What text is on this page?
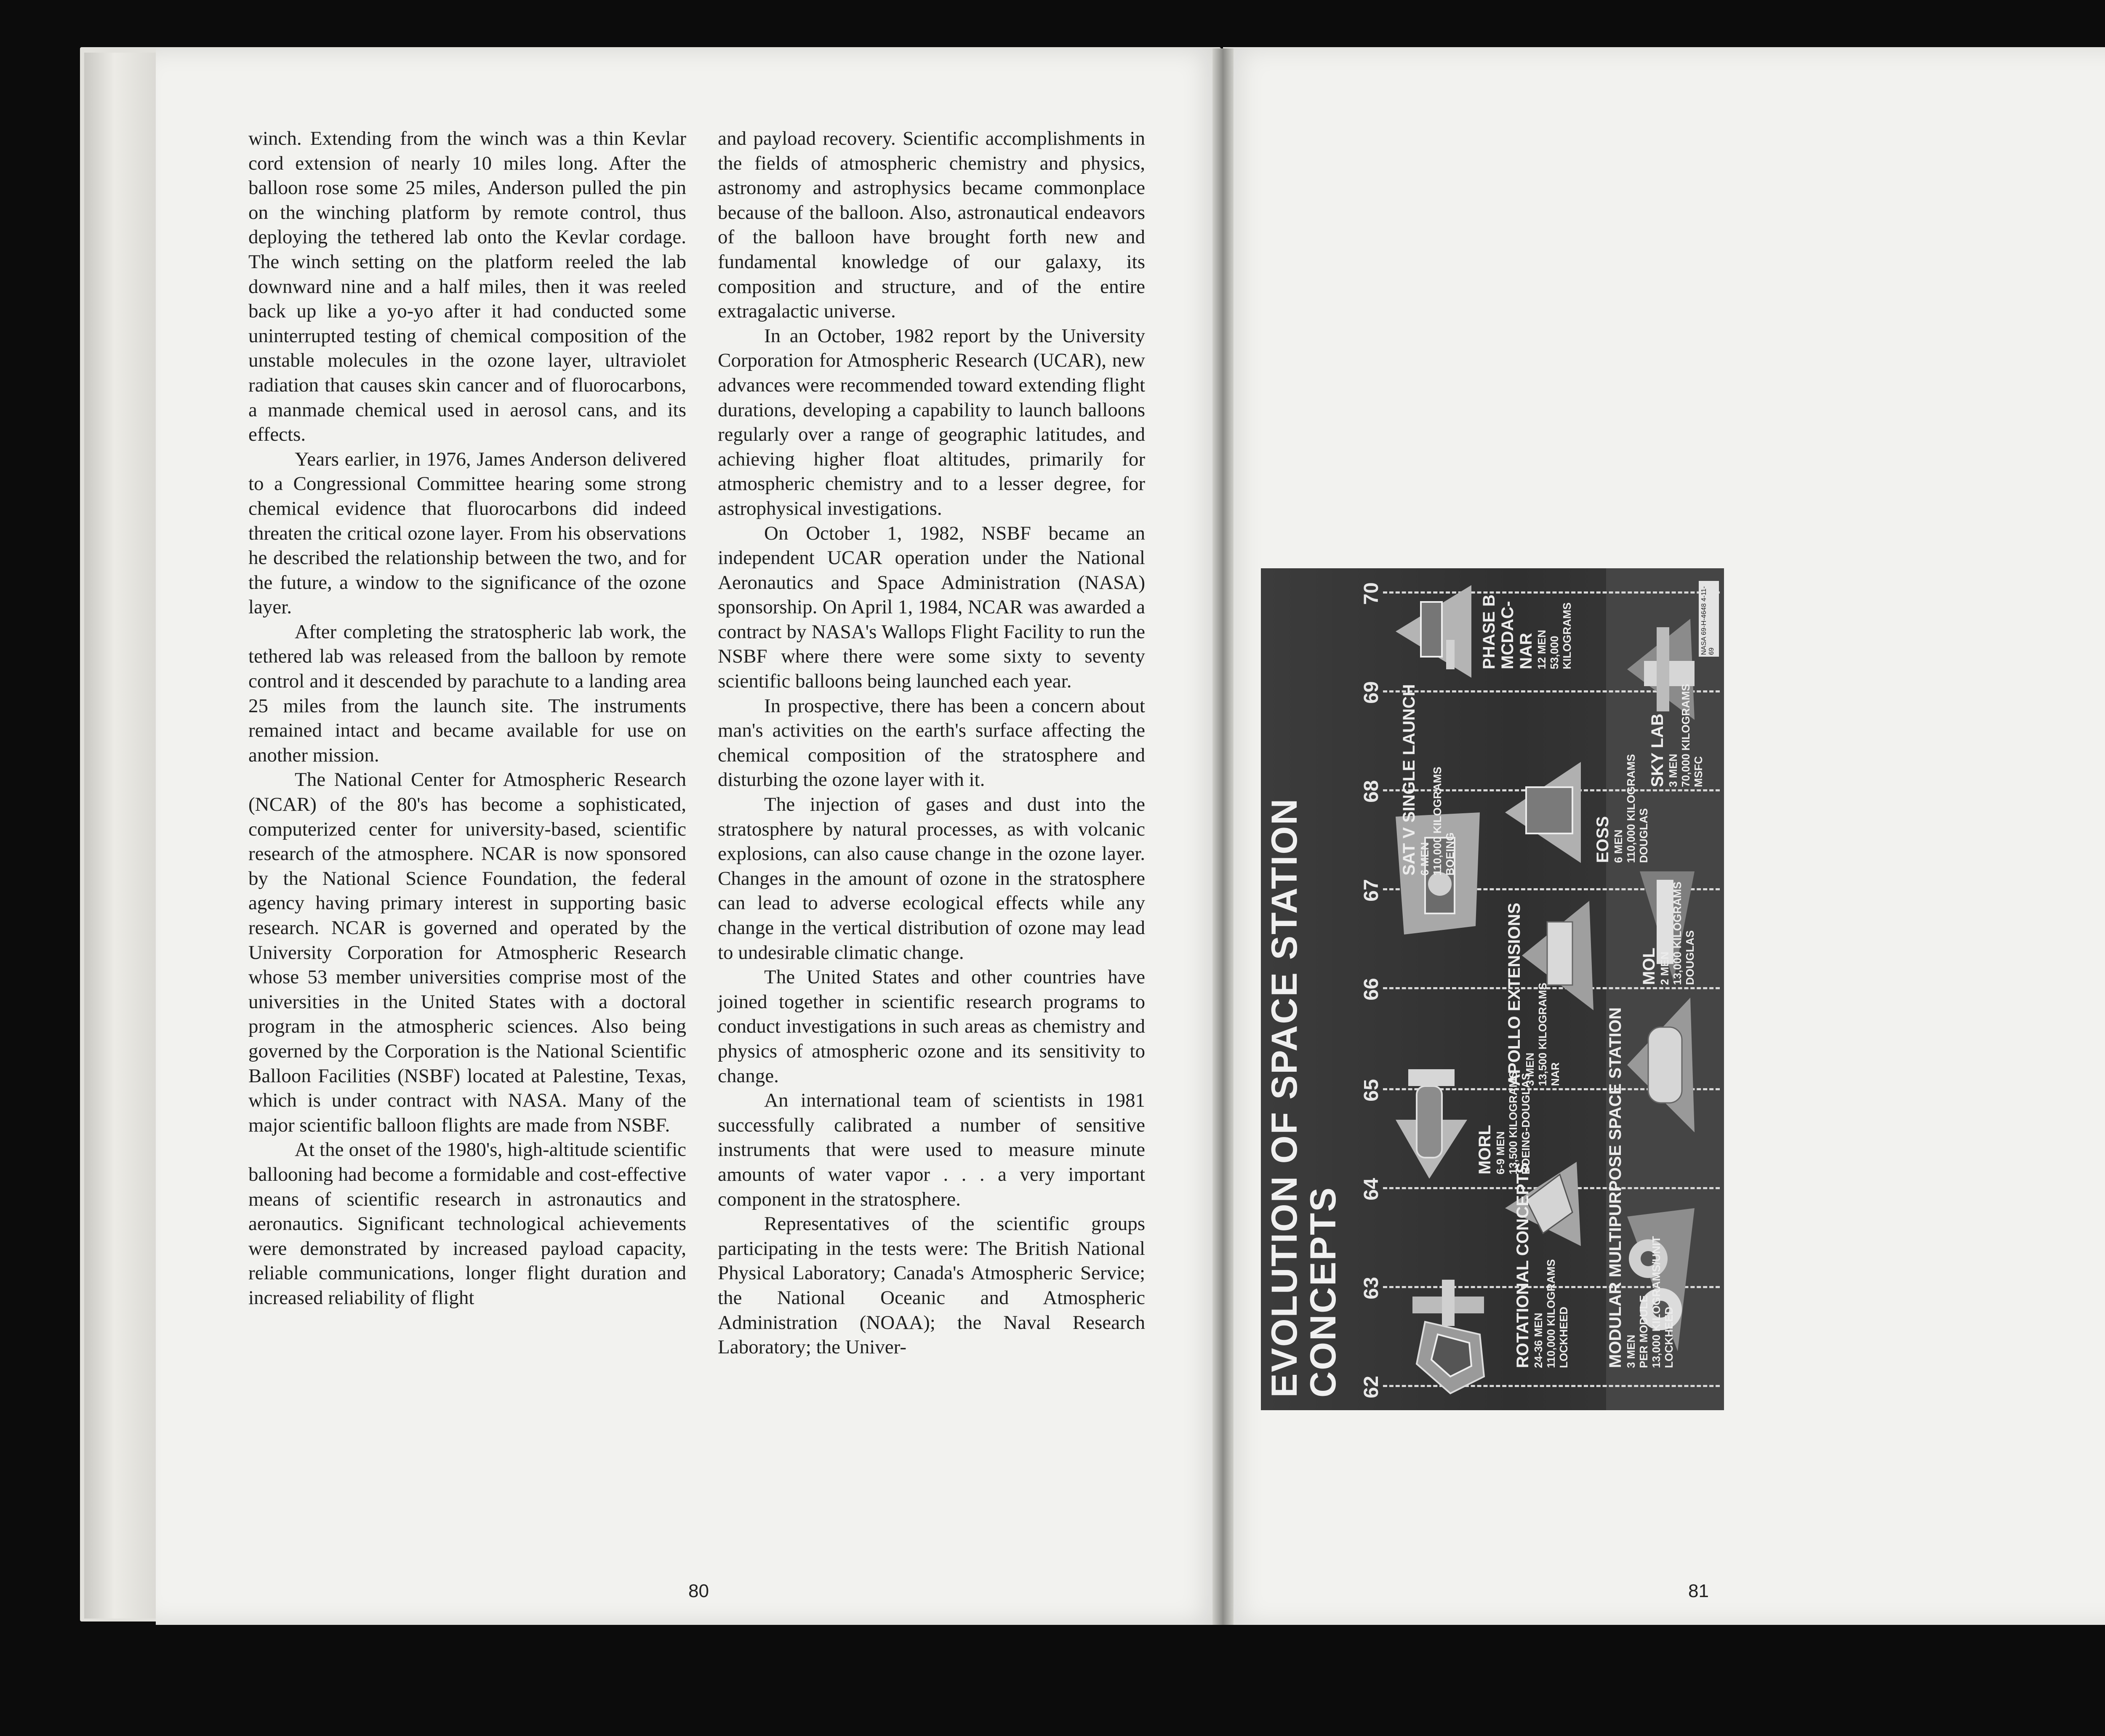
winch. Extending from the winch was a thin Kevlar cord extension of nearly 10 miles long. After the balloon rose some 25 miles, Anderson pulled the pin on the winching platform by remote control, thus deploying the tethered lab onto the Kevlar cordage. The winch setting on the platform reeled the lab downward nine and a half miles, then it was reeled back up like a yo-yo after it had conducted some uninterrupted testing of chemical composition of the unstable molecules in the ozone layer, ultraviolet radiation that causes skin cancer and of fluorocarbons, a manmade chemical used in aerosol cans, and its effects.

Years earlier, in 1976, James Anderson delivered to a Congressional Committee hearing some strong chemical evidence that fluorocarbons did indeed threaten the critical ozone layer. From his observations he described the relationship between the two, and for the future, a window to the significance of the ozone layer.

After completing the stratospheric lab work, the tethered lab was released from the balloon by remote control and it descended by parachute to a landing area 25 miles from the launch site. The instruments remained intact and became available for use on another mission.

The National Center for Atmospheric Research (NCAR) of the 80's has become a sophisticated, computerized center for university-based, scientific research of the atmosphere. NCAR is now sponsored by the National Science Foundation, the federal agency having primary interest in supporting basic research. NCAR is governed and operated by the University Corporation for Atmospheric Research whose 53 member universities comprise most of the universities in the United States with a doctoral program in the atmospheric sciences. Also being governed by the Corporation is the National Scientific Balloon Facilities (NSBF) located at Palestine, Texas, which is under contract with NASA. Many of the major scientific balloon flights are made from NSBF.

At the onset of the 1980's, high-altitude scientific ballooning had become a formidable and cost-effective means of scientific research in astronautics and aeronautics. Significant technological achievements were demonstrated by increased payload capacity, reliable communications, longer flight duration and increased reliability of flight

and payload recovery. Scientific accomplishments in the fields of atmospheric chemistry and physics, astronomy and astrophysics became commonplace because of the balloon. Also, astronautical endeavors of the balloon have brought forth new and fundamental knowledge of our galaxy, its composition and structure, and of the entire extragalactic universe.

In an October, 1982 report by the University Corporation for Atmospheric Research (UCAR), new advances were recommended toward extending flight durations, developing a capability to launch balloons regularly over a range of geographic latitudes, and achieving higher float altitudes, primarily for atmospheric chemistry and to a lesser degree, for astrophysical investigations.

On October 1, 1982, NSBF became an independent UCAR operation under the National Aeronautics and Space Administration (NASA) sponsorship. On April 1, 1984, NCAR was awarded a contract by NASA's Wallops Flight Facility to run the NSBF where there were some sixty to seventy scientific balloons being launched each year.

In prospective, there has been a concern about man's activities on the earth's surface affecting the chemical composition of the stratosphere and disturbing the ozone layer with it.

The injection of gases and dust into the stratosphere by natural processes, as with volcanic explosions, can also cause change in the ozone layer. Changes in the amount of ozone in the stratosphere can lead to adverse ecological effects while any change in the vertical distribution of ozone may lead to undesirable climatic change.

The United States and other countries have joined together in scientific research programs to conduct investigations in such areas as chemistry and physics of atmospheric ozone and its sensitivity to change.

An international team of scientists in 1981 successfully calibrated a number of sensitive instruments that were used to measure minute amounts of water vapor . . . a very important component in the stratosphere.

Representatives of the scientific groups participating in the tests were: The British National Physical Laboratory; Canada's Atmospheric Service; the National Oceanic and Atmospheric Administration (NOAA); the Naval Research Laboratory; the Univer-

80
EVOLUTION OF SPACE STATION
CONCEPTS 62
63
64
65
66
67
68
69
70
ROTATIONAL CONCEPTS 24-36 MEN 110,000 KILOGRAMS LOCKHEED
MORL 6-9 MEN 13,500 KILOGRAMS BOEING-DOUGLAS
SAT V SINGLE LAUNCH 6 MEN 110,000 KILOGRAMS BOEING
PHASE B MCDAC-NAR 12 MEN 53,000 KILOGRAMS
APOLLO EXTENSIONS 3 MEN 13,500 KILOGRAMS NAR
EOSS 6 MEN 110,000 KILOGRAMS DOUGLAS
MODULAR MULTIPURPOSE SPACE STATION 3 MEN PER MODULE 13,000 KILOGRAMS/UNIT LOCKHEED
MOL 2 MEN 13,000 KILOGRAMS DOUGLAS
SKY LAB 3 MEN 70,000 KILOGRAMS MSFC
NASA 69-H-4648 4-11-69
81
